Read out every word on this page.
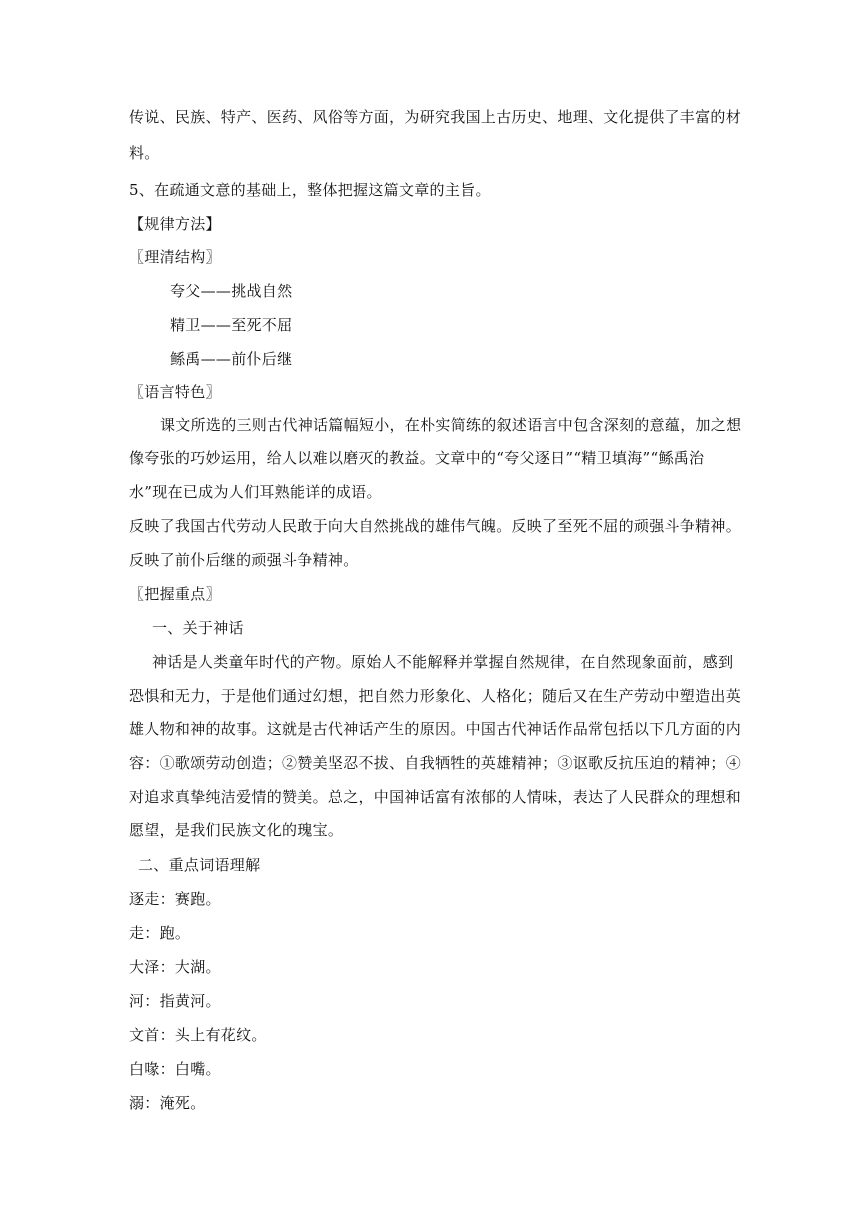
传说、民族、特产、医药、风俗等方面，为研究我国上古历史、地理、文化提供了丰富的材
料。
5、在疏通文意的基础上，整体把握这篇文章的主旨。
【规律方法】
〖理清结构〗
夸父——挑战自然
精卫——至死不屈
鲧禹——前仆后继
〖语言特色〗
课文所选的三则古代神话篇幅短小，在朴实简练的叙述语言中包含深刻的意蕴，加之想
像夸张的巧妙运用，给人以难以磨灭的教益。文章中的“夸父逐日”“精卫填海”“鲧禹治
水”现在已成为人们耳熟能详的成语。
反映了我国古代劳动人民敢于向大自然挑战的雄伟气魄。反映了至死不屈的顽强斗争精神。
反映了前仆后继的顽强斗争精神。
〖把握重点〗
一、关于神话
神话是人类童年时代的产物。原始人不能解释并掌握自然规律，在自然现象面前，感到
恐惧和无力，于是他们通过幻想，把自然力形象化、人格化；随后又在生产劳动中塑造出英
雄人物和神的故事。这就是古代神话产生的原因。中国古代神话作品常包括以下几方面的内
容：①歌颂劳动创造；②赞美坚忍不拔、自我牺牲的英雄精神；③讴歌反抗压迫的精神；④
对追求真挚纯洁爱情的赞美。总之，中国神话富有浓郁的人情味，表达了人民群众的理想和
愿望，是我们民族文化的瑰宝。
二、重点词语理解
逐走：赛跑。
走：跑。
大泽：大湖。
河：指黄河。
文首：头上有花纹。
白喙：白嘴。
溺：淹死。
